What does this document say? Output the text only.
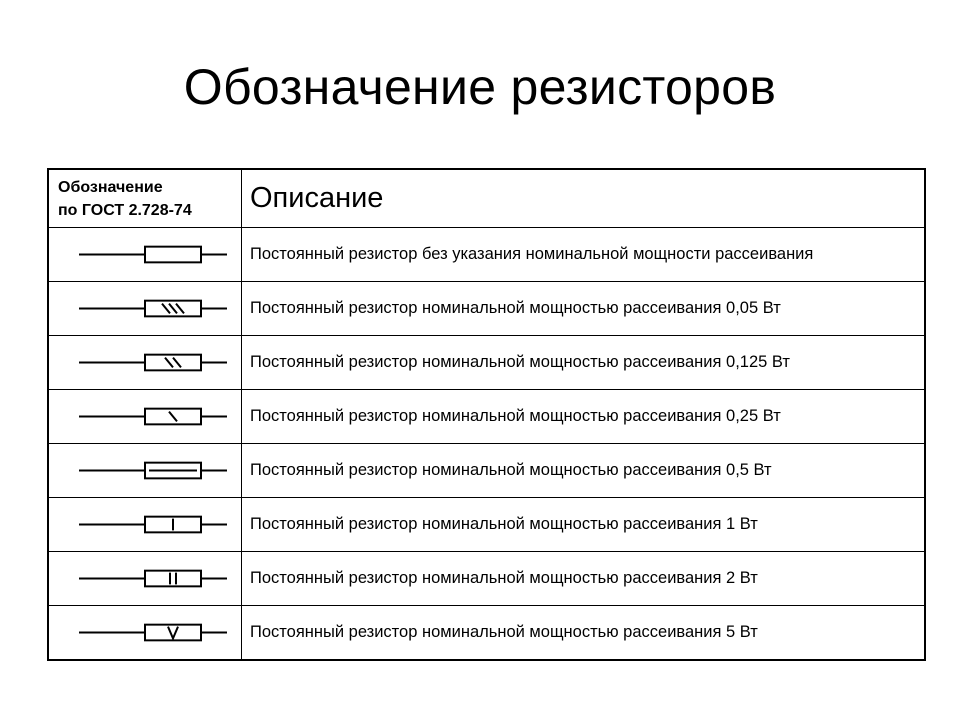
Обозначение резисторов
Обозначение
по ГОСТ 2.728-74	Описание

	Постоянный резистор без указания номинальной мощности рассеивания

	Постоянный резистор номинальной мощностью рассеивания 0,05 Вт

	Постоянный резистор номинальной мощностью рассеивания 0,125 Вт

	Постоянный резистор номинальной мощностью рассеивания 0,25 Вт

	Постоянный резистор номинальной мощностью рассеивания 0,5 Вт

	Постоянный резистор номинальной мощностью рассеивания 1 Вт

	Постоянный резистор номинальной мощностью рассеивания 2 Вт

	Постоянный резистор номинальной мощностью рассеивания 5 Вт
